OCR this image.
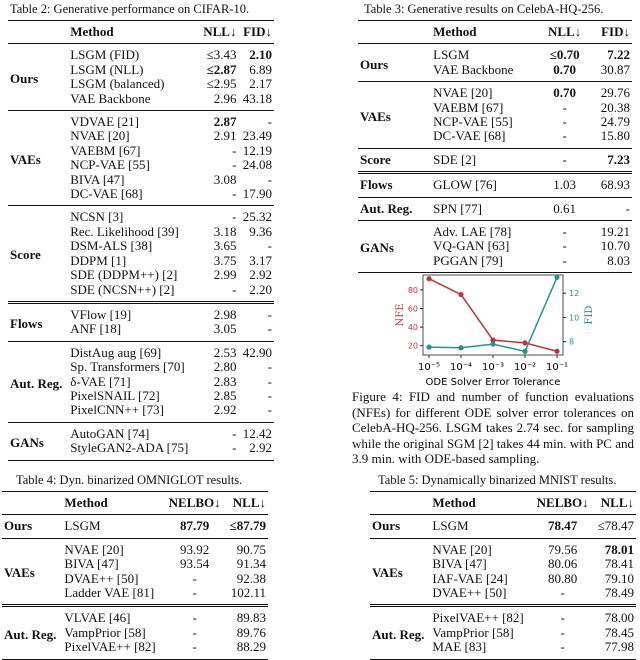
Table 2: Generative performance on CIFAR-10.
	Method	NLL↓	FID↓
Ours	LSGM (FID)	≤3.43	2.10
	LSGM (NLL)	≤2.87	6.89
	LSGM (balanced)	≤2.95	2.17
	VAE Backbone	2.96	43.18
VAEs	VDVAE [21]	2.87	-
	NVAE [20]	2.91	23.49
	VAEBM [67]	-	12.19
	NCP-VAE [55]	-	24.08
	BIVA [47]	3.08	-
	DC-VAE [68]	-	17.90
Score	NCSN [3]	-	25.32
	Rec. Likelihood [39]	3.18	9.36
	DSM-ALS [38]	3.65	-
	DDPM [1]	3.75	3.17
	SDE (DDPM++) [2]	2.99	2.92
	SDE (NCSN++) [2]	-	2.20
Flows	VFlow [19]	2.98	-
	ANF [18]	3.05	-
Aut. Reg.	DistAug aug [69]	2.53	42.90
	Sp. Transformers [70]	2.80	-
	δ-VAE [71]	2.83	-
	PixelSNAIL [72]	2.85	-
	PixelCNN++ [73]	2.92	-
GANs	AutoGAN [74]	-	12.42
	StyleGAN2-ADA [75]	-	2.92
Table 3: Generative results on CelebA-HQ-256.
	Method	NLL↓	FID↓
Ours	LSGM	≤0.70	7.22
	VAE Backbone	0.70	30.87
VAEs	NVAE [20]	0.70	29.76
	VAEBM [67]	-	20.38
	NCP-VAE [55]	-	24.79
	DC-VAE [68]	-	15.80
Score	SDE [2]	-	7.23
Flows	GLOW [76]	1.03	68.93
Aut. Reg.	SPN [77]	0.61	-
GANs	Adv. LAE [78]	-	19.21
	VQ-GAN [63]	-	10.70
	PGGAN [79]	-	8.03
10⁻⁵ 10⁻⁴ 10⁻³ 10⁻² 10⁻¹
ODE Solver Error Tolerance
20
40
60
80
8
10
12
NFE	FID
Figure 4: FID and number of function evaluations (NFEs) for different ODE solver error tolerances on CelebA-HQ-256. LSGM takes 2.74 sec. for sampling while the original SGM [2] takes 44 min. with PC and 3.9 min. with ODE-based sampling.
Table 4: Dyn. binarized OMNIGLOT results.
	Method	NELBO↓	NLL↓
Ours	LSGM	87.79	≤87.79
VAEs	NVAE [20]	93.92	90.75
	BIVA [47]	93.54	91.34
	DVAE++ [50]	-	92.38
	Ladder VAE [81]	-	102.11
Aut. Reg.	VLVAE [46]	-	89.83
	VampPrior [58]	-	89.76
	PixelVAE++ [82]	-	88.29
Table 5: Dynamically binarized MNIST results.
	Method	NELBO↓	NLL↓
Ours	LSGM	78.47	≤78.47
VAEs	NVAE [20]	79.56	78.01
	BIVA [47]	80.06	78.41
	IAF-VAE [24]	80.80	79.10
	DVAE++ [50]	-	78.49
Aut. Reg.	PixelVAE++ [82]	-	78.00
	VampPrior [58]	-	78.45
	MAE [83]	-	77.98
